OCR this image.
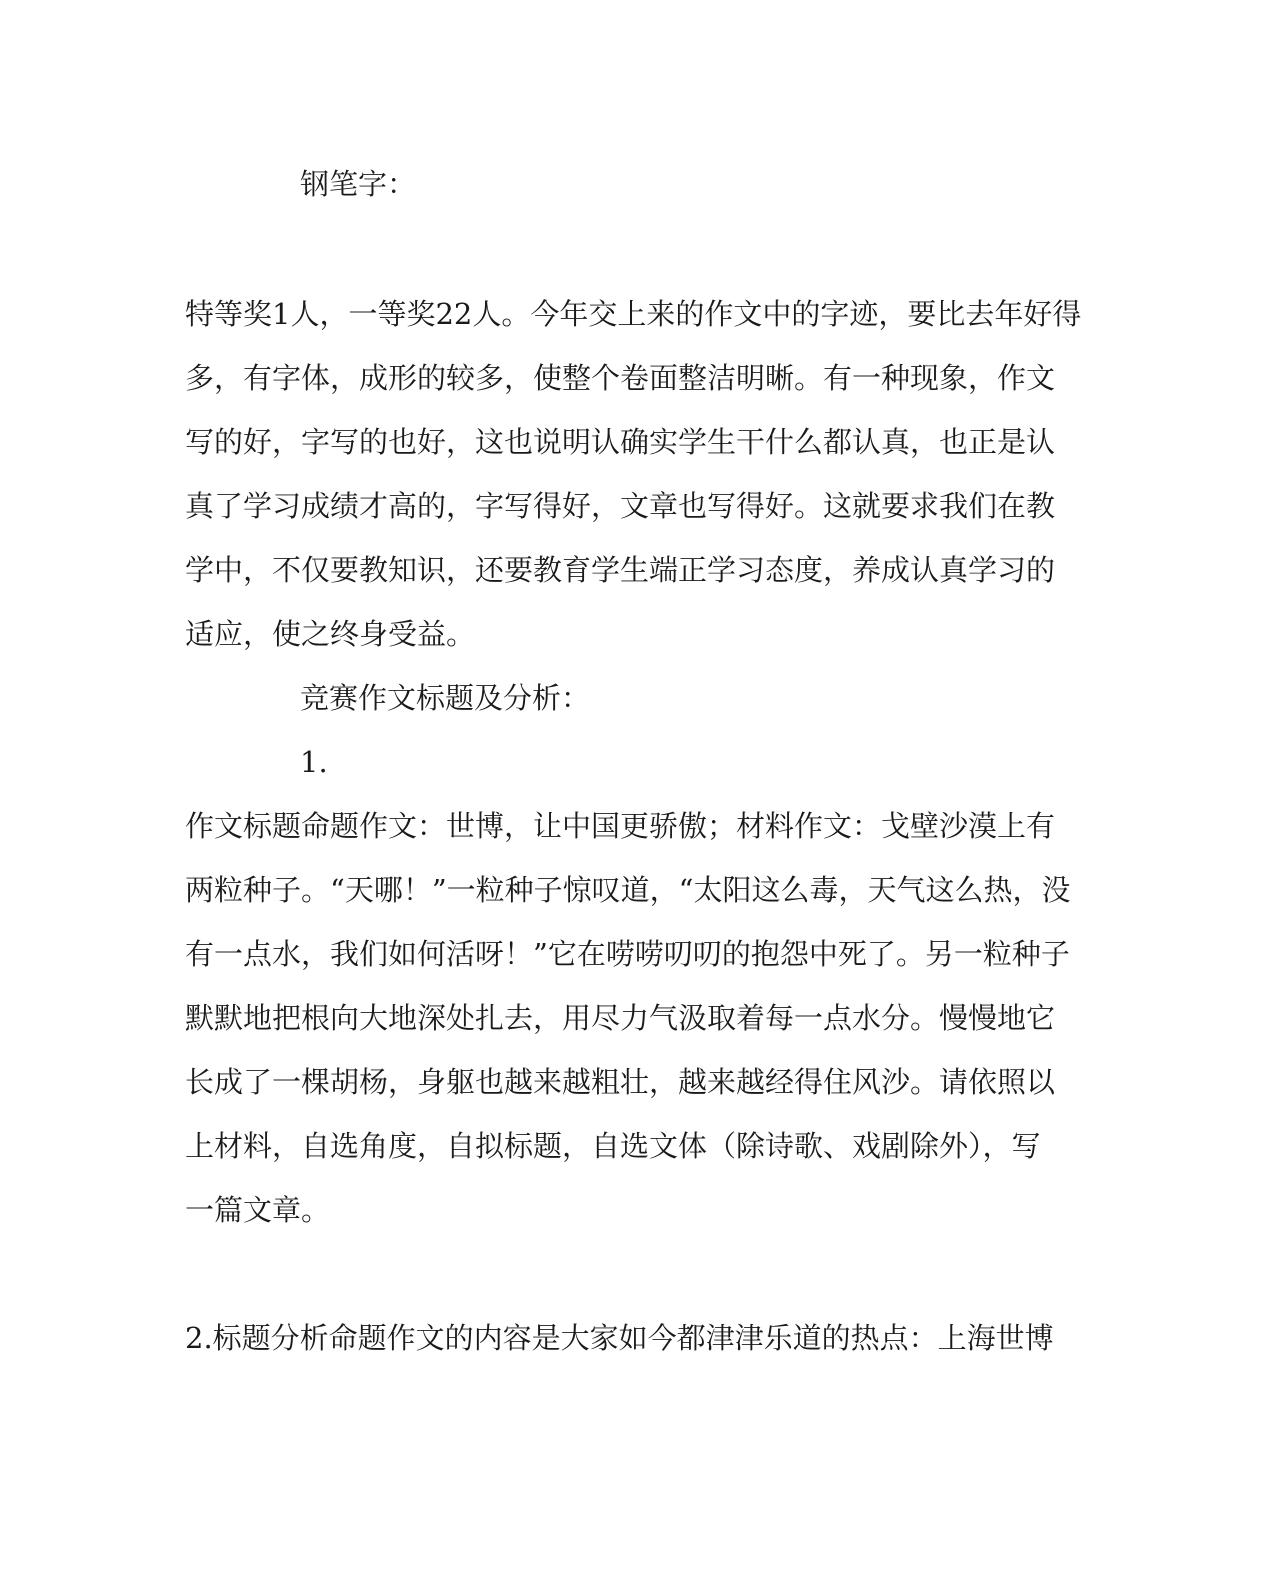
钢笔字：
特等奖1人，一等奖22人。今年交上来的作文中的字迹，要比去年好得
多，有字体，成形的较多，使整个卷面整洁明晰。有一种现象，作文
写的好，字写的也好，这也说明认确实学生干什么都认真，也正是认
真了学习成绩才高的，字写得好，文章也写得好。这就要求我们在教
学中，不仅要教知识，还要教育学生端正学习态度，养成认真学习的
适应，使之终身受益。
竞赛作文标题及分析：
1.
作文标题命题作文：世博，让中国更骄傲；材料作文：戈壁沙漠上有
两粒种子。“天哪！”一粒种子惊叹道，“太阳这么毒，天气这么热，没
有一点水，我们如何活呀！”它在唠唠叨叨的抱怨中死了。另一粒种子
默默地把根向大地深处扎去，用尽力气汲取着每一点水分。慢慢地它
长成了一棵胡杨，身躯也越来越粗壮，越来越经得住风沙。请依照以
上材料，自选角度，自拟标题，自选文体（除诗歌、戏剧除外），写
一篇文章。
2.标题分析命题作文的内容是大家如今都津津乐道的热点：上海世博
